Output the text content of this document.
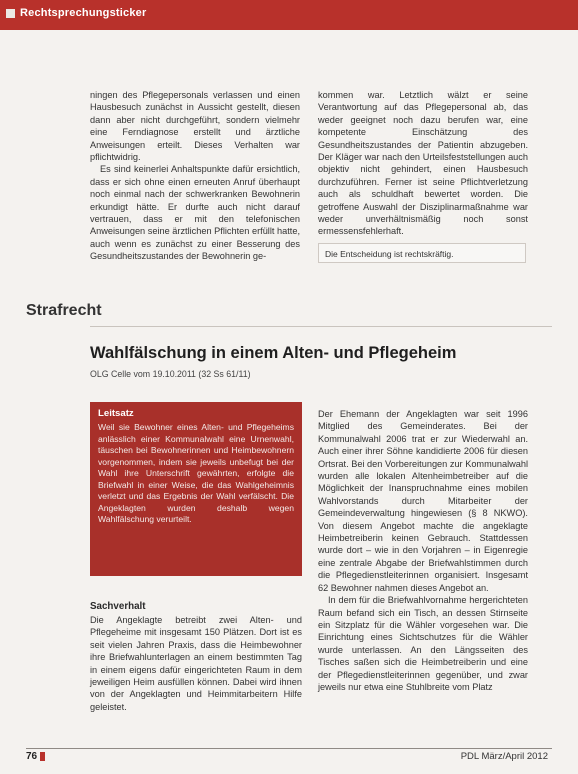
Rechtsprechungsticker

ningen des Pflegepersonals verlassen und einen Hausbesuch zunächst in Aussicht gestellt, diesen dann aber nicht durchgeführt, sondern vielmehr eine Ferndiagnose erstellt und ärztliche Anweisungen erteilt. Dieses Verhalten war pflichtwidrig.

Es sind keinerlei Anhaltspunkte dafür ersichtlich, dass er sich ohne einen erneuten Anruf überhaupt noch einmal nach der schwerkranken Bewohnerin erkundigt hätte. Er durfte auch nicht darauf vertrauen, dass er mit den telefonischen Anweisungen seine ärztlichen Pflichten erfüllt hatte, auch wenn es zunächst zu einer Besserung des Gesundheitszustandes der Bewohnerin ge-

kommen war. Letztlich wälzt er seine Verantwortung auf das Pflegepersonal ab, das weder geeignet noch dazu berufen war, eine kompetente Einschätzung des Gesundheitszustandes der Patientin abzugeben. Der Kläger war nach den Urteilsfeststellungen auch objektiv nicht gehindert, einen Hausbesuch durchzuführen. Ferner ist seine Pflichtverletzung auch als schuldhaft bewertet worden. Die getroffene Auswahl der Disziplinarmaßnahme war weder unverhältnismäßig noch sonst ermessensfehlerhaft.

Die Entscheidung ist rechtskräftig.
Strafrecht
Wahlfälschung in einem Alten- und Pflegeheim
OLG Celle vom 19.10.2011 (32 Ss 61/11)
Leitsatz
Weil sie Bewohner eines Alten- und Pflegeheims anlässlich einer Kommunalwahl eine Urnenwahl, täuschen bei Bewohnerinnen und Heimbewohnern vorgenommen, indem sie jeweils unbefugt bei der Wahl ihre Unterschrift gewährten, erfolgte die Briefwahl in einer Weise, die das Wahlgeheimnis verletzt und das Ergebnis der Wahl verfälscht. Die Angeklagten wurden deshalb wegen Wahlfälschung verurteilt.
Sachverhalt

Die Angeklagte betreibt zwei Alten- und Pflegeheime mit insgesamt 150 Plätzen. Dort ist es seit vielen Jahren Praxis, dass die Heimbewohner ihre Briefwahlunterlagen an einem bestimmten Tag in einem eigens dafür eingerichteten Raum in dem jeweiligen Heim ausfüllen können. Dabei wird ihnen von der Angeklagten und Heimmitarbeitern Hilfe geleistet.

Der Ehemann der Angeklagten war seit 1996 Mitglied des Gemeinderates. Bei der Kommunalwahl 2006 trat er zur Wiederwahl an. Auch einer ihrer Söhne kandidierte 2006 für diesen Ortsrat. Bei den Vorbereitungen zur Kommunalwahl wurden alle lokalen Altenheimbetreiber auf die Möglichkeit der Inanspruchnahme eines mobilen Wahlvorstands durch Mitarbeiter der Gemeindeverwaltung hingewiesen (§ 8 NKWO). Von diesem Angebot machte die angeklagte Heimbetreiberin keinen Gebrauch. Stattdessen wurde dort – wie in den Vorjahren – in Eigenregie eine zentrale Abgabe der Briefwahlstimmen durch die Pflegedienstleiterinnen organisiert. Insgesamt 62 Bewohner nahmen dieses Angebot an.

In dem für die Briefwahlvornahme hergerichteten Raum befand sich ein Tisch, an dessen Stirnseite ein Sitzplatz für die Wähler vorgesehen war. Die Einrichtung eines Sichtschutzes für die Wähler wurde unterlassen. An den Längsseiten des Tisches saßen sich die Heimbetreiberin und eine der Pflegedienstleiterinnen gegenüber, und zwar jeweils nur etwa eine Stuhlbreite vom Platz

76	PDL März/April 2012
